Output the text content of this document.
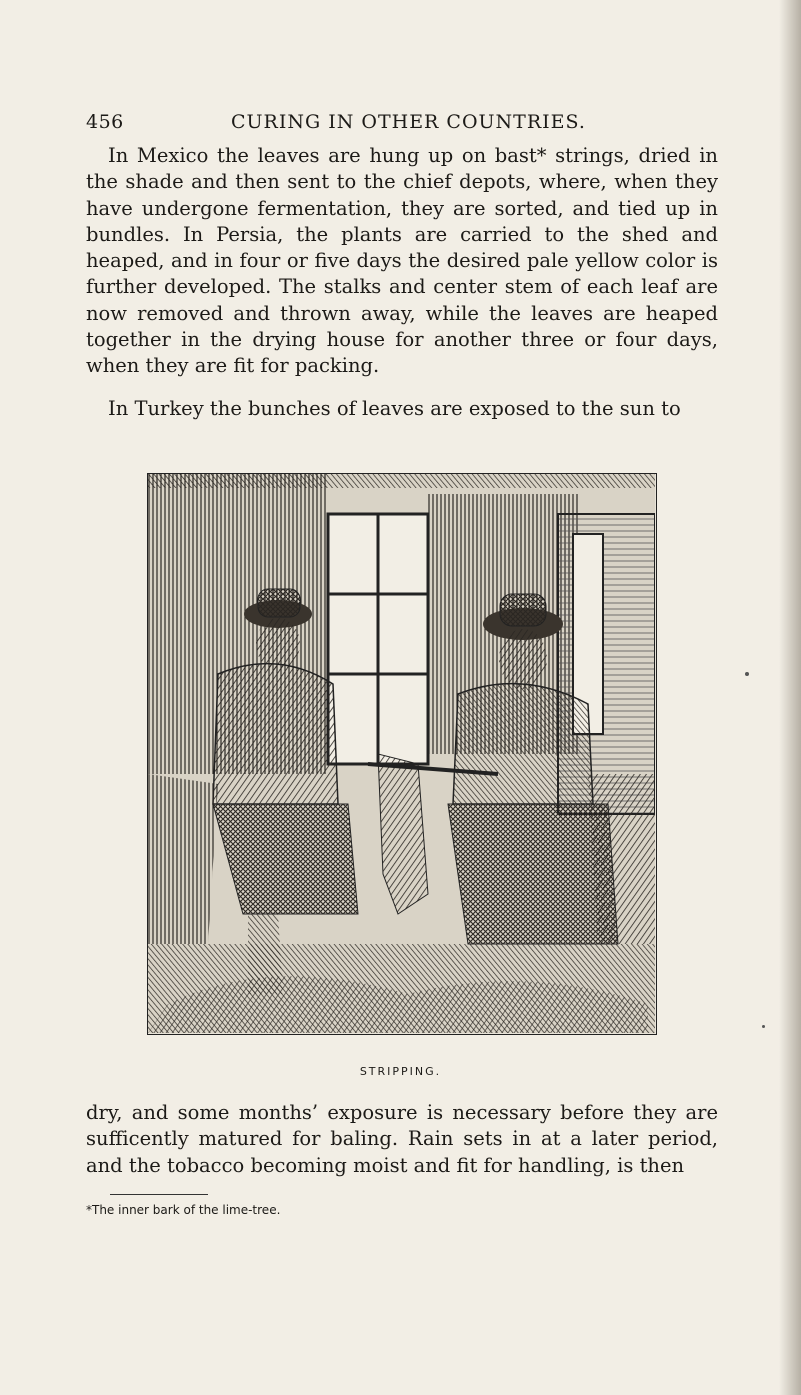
456	CURING IN OTHER COUNTRIES.
In Mexico the leaves are hung up on bast* strings, dried in the shade and then sent to the chief depots, where, when they have undergone fermentation, they are sorted, and tied up in bundles. In Persia, the plants are carried to the shed and heaped, and in four or five days the desired pale yellow color is further developed. The stalks and center stem of each leaf are now removed and thrown away, while the leaves are heaped together in the drying house for another three or four days, when they are fit for packing.
In Turkey the bunches of leaves are exposed to the sun to
STRIPPING.
dry, and some months’ exposure is necessary before they are sufficently matured for baling. Rain sets in at a later period, and the tobacco becoming moist and fit for handling, is then
*The inner bark of the lime-tree.
